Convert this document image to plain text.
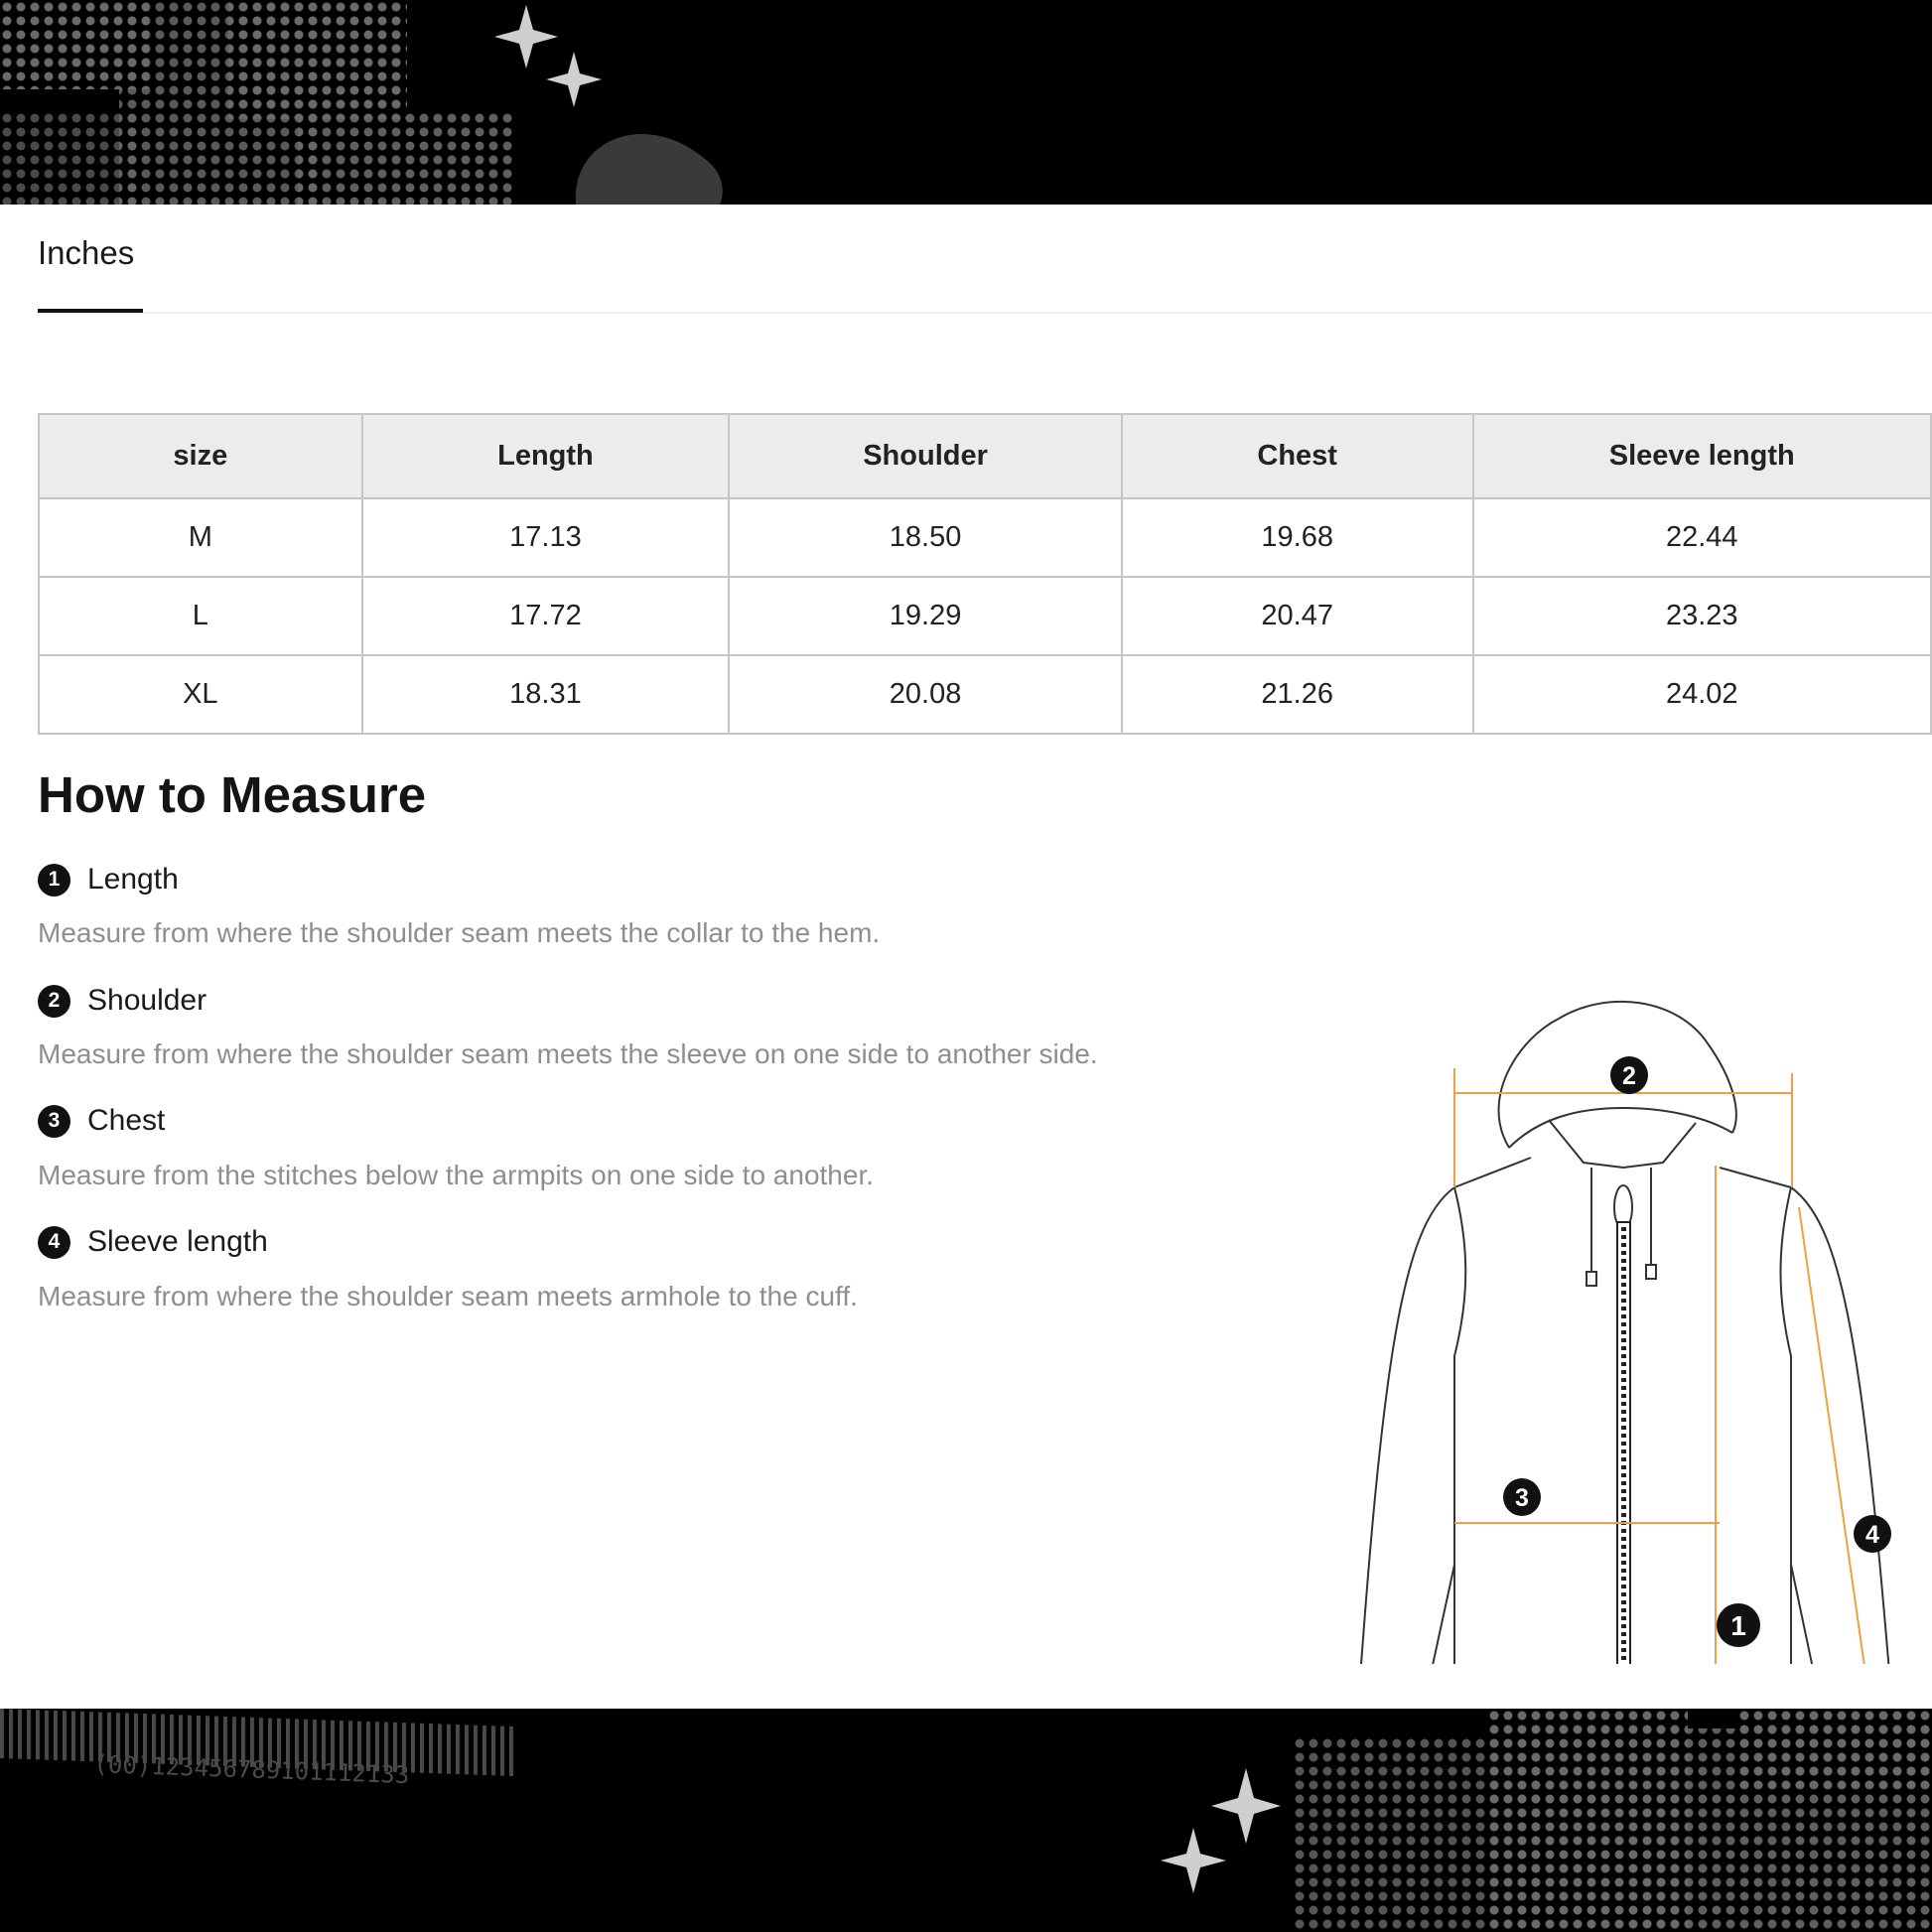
Inches
size	Length	Shoulder	Chest	Sleeve length
M	17.13	18.50	19.68	22.44
L	17.72	19.29	20.47	23.23
XL	18.31	20.08	21.26	24.02
How to Measure
1 Length
Measure from where the shoulder seam meets the collar to the hem.
2 Shoulder
Measure from where the shoulder seam meets the sleeve on one side to another side.
3 Chest
Measure from the stitches below the armpits on one side to another.
4 Sleeve length
Measure from where the shoulder seam meets armhole to the cuff.
2
3
4
1
(00)123456789101112133
